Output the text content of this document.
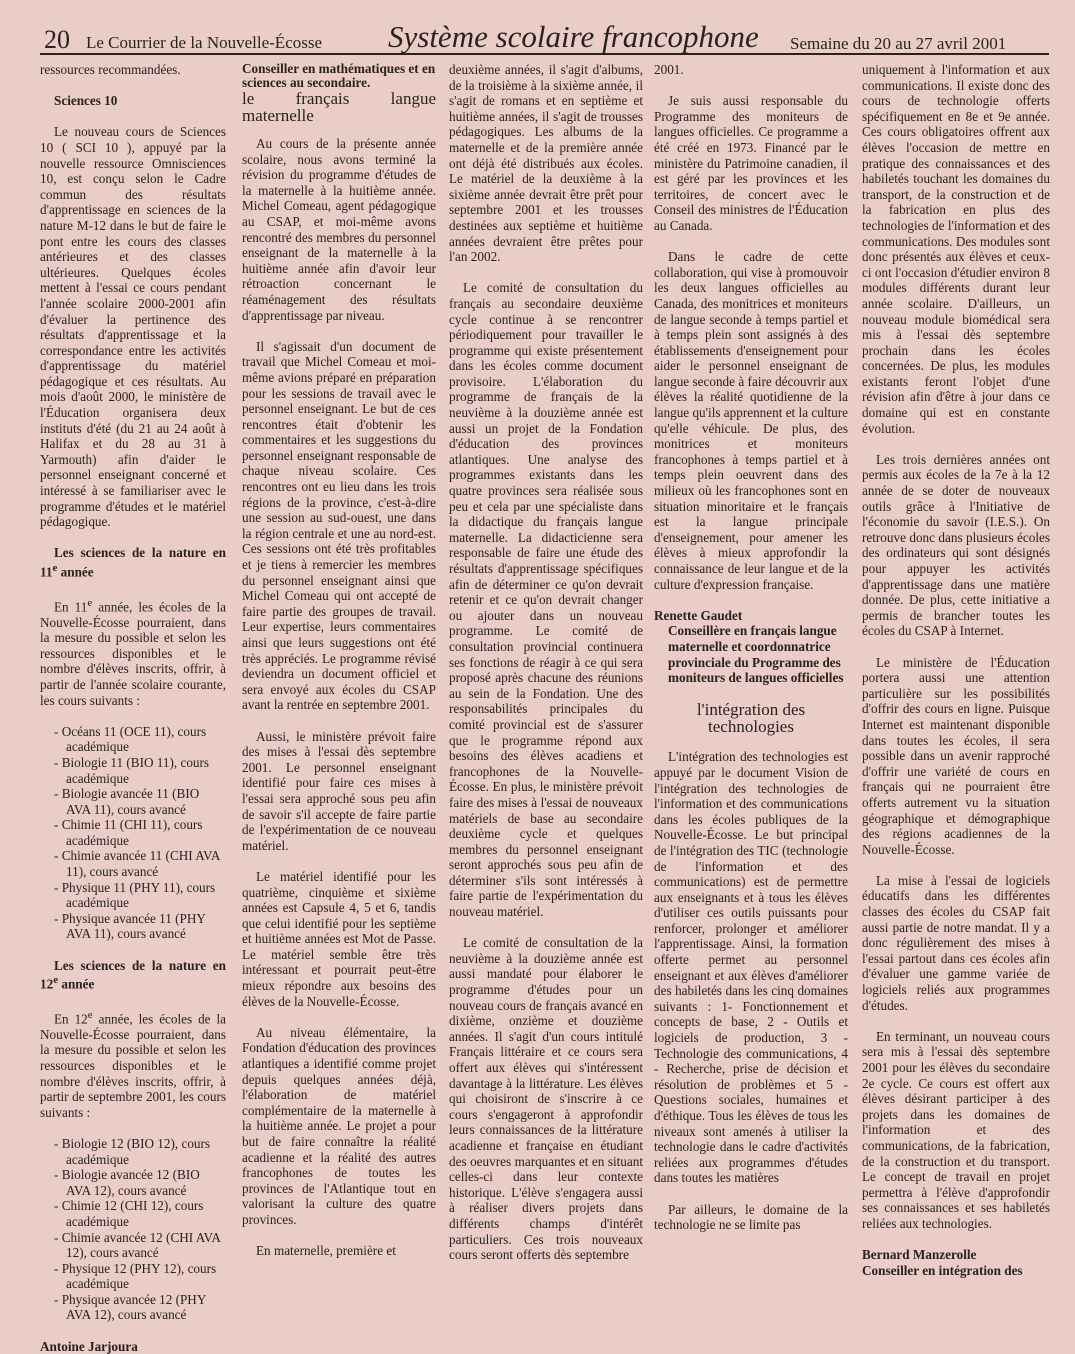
20 Le Courrier de la Nouvelle-Écosse Système scolaire francophone Semaine du 20 au 27 avril 2001

ressources recommandées.

Sciences 10

Le nouveau cours de Sciences 10 ( SCI 10 ), appuyé par la nouvelle ressource Omnisciences 10, est conçu selon le Cadre commun des résultats d'apprentissage en sciences de la nature M-12 dans le but de faire le pont entre les cours des classes antérieures et des classes ultérieures. Quelques écoles mettent à l'essai ce cours pendant l'année scolaire 2000-2001 afin d'évaluer la pertinence des résultats d'apprentissage et la correspondance entre les activités d'apprentissage du matériel pédagogique et ces résultats. Au mois d'août 2000, le ministère de l'Éducation organisera deux instituts d'été (du 21 au 24 août à Halifax et du 28 au 31 à Yarmouth) afin d'aider le personnel enseignant concerné et intéressé à se familiariser avec le programme d'études et le matériel pédagogique.

Les sciences de la nature en 11e année

En 11e année, les écoles de la Nouvelle-Écosse pourraient, dans la mesure du possible et selon les ressources disponibles et le nombre d'élèves inscrits, offrir, à partir de l'année scolaire courante, les cours suivants :

- Océans 11 (OCE 11), cours académique
- Biologie 11 (BIO 11), cours académique
- Biologie avancée 11 (BIO AVA 11), cours avancé
- Chimie 11 (CHI 11), cours académique
- Chimie avancée 11 (CHI AVA 11), cours avancé
- Physique 11 (PHY 11), cours académique
- Physique avancée 11 (PHY AVA 11), cours avancé
Les sciences de la nature en 12e année

En 12e année, les écoles de la Nouvelle-Écosse pourraient, dans la mesure du possible et selon les ressources disponibles et le nombre d'élèves inscrits, offrir, à partir de septembre 2001, les cours suivants :

- Biologie 12 (BIO 12), cours académique
- Biologie avancée 12 (BIO AVA 12), cours avancé
- Chimie 12 (CHI 12), cours académique
- Chimie avancée 12 (CHI AVA 12), cours avancé
- Physique 12 (PHY 12), cours académique
- Physique avancée 12 (PHY AVA 12), cours avancé
Antoine Jarjoura
Conseiller en mathématiques et en sciences au secondaire.
le français langue maternelle

Au cours de la présente année scolaire, nous avons terminé la révision du programme d'études de la maternelle à la huitième année. Michel Comeau, agent pédagogique au CSAP, et moi-même avons rencontré des membres du personnel enseignant de la maternelle à la huitième année afin d'avoir leur rétroaction concernant le réaménagement des résultats d'apprentissage par niveau.

Il s'agissait d'un document de travail que Michel Comeau et moi-même avions préparé en préparation pour les sessions de travail avec le personnel enseignant. Le but de ces rencontres était d'obtenir les commentaires et les suggestions du personnel enseignant responsable de chaque niveau scolaire. Ces rencontres ont eu lieu dans les trois régions de la province, c'est-à-dire une session au sud-ouest, une dans la région centrale et une au nord-est. Ces sessions ont été très profitables et je tiens à remercier les membres du personnel enseignant ainsi que Michel Comeau qui ont accepté de faire partie des groupes de travail. Leur expertise, leurs commentaires ainsi que leurs suggestions ont été très appréciés. Le programme révisé deviendra un document officiel et sera envoyé aux écoles du CSAP avant la rentrée en septembre 2001.

Aussi, le ministère prévoit faire des mises à l'essai dès septembre 2001. Le personnel enseignant identifié pour faire ces mises à l'essai sera approché sous peu afin de savoir s'il accepte de faire partie de l'expérimentation de ce nouveau matériel.

Le matériel identifié pour les quatrième, cinquième et sixième années est Capsule 4, 5 et 6, tandis que celui identifié pour les septième et huitième années est Mot de Passe. Le matériel semble être très intéressant et pourrait peut-être mieux répondre aux besoins des élèves de la Nouvelle-Écosse.

Au niveau élémentaire, la Fondation d'éducation des provinces atlantiques a identifié comme projet depuis quelques années déjà, l'élaboration de matériel complémentaire de la maternelle à la huitième année. Le projet a pour but de faire connaître la réalité acadienne et la réalité des autres francophones de toutes les provinces de l'Atlantique tout en valorisant la culture des quatre provinces.

En maternelle, première et

deuxième années, il s'agit d'albums, de la troisième à la sixième année, il s'agit de romans et en septième et huitième années, il s'agit de trousses pédagogiques. Les albums de la maternelle et de la première année ont déjà été distribués aux écoles. Le matériel de la deuxième à la sixième année devrait être prêt pour septembre 2001 et les trousses destinées aux septième et huitième années devraient être prêtes pour l'an 2002.

Le comité de consultation du français au secondaire deuxième cycle continue à se rencontrer périodiquement pour travailler le programme qui existe présentement dans les écoles comme document provisoire. L'élaboration du programme de français de la neuvième à la douzième année est aussi un projet de la Fondation d'éducation des provinces atlantiques. Une analyse des programmes existants dans les quatre provinces sera réalisée sous peu et cela par une spécialiste dans la didactique du français langue maternelle. La didacticienne sera responsable de faire une étude des résultats d'apprentissage spécifiques afin de déterminer ce qu'on devrait retenir et ce qu'on devrait changer ou ajouter dans un nouveau programme. Le comité de consultation provincial continuera ses fonctions de réagir à ce qui sera proposé après chacune des réunions au sein de la Fondation. Une des responsabilités principales du comité provincial est de s'assurer que le programme répond aux besoins des élèves acadiens et francophones de la Nouvelle-Écosse. En plus, le ministère prévoit faire des mises à l'essai de nouveaux matériels de base au secondaire deuxième cycle et quelques membres du personnel enseignant seront approchés sous peu afin de déterminer s'ils sont intéressés à faire partie de l'expérimentation du nouveau matériel.

Le comité de consultation de la neuvième à la douzième année est aussi mandaté pour élaborer le programme d'études pour un nouveau cours de français avancé en dixième, onzième et douzième années. Il s'agit d'un cours intitulé Français littéraire et ce cours sera offert aux élèves qui s'intéressent davantage à la littérature. Les élèves qui choisiront de s'inscrire à ce cours s'engageront à approfondir leurs connaissances de la littérature acadienne et française en étudiant des oeuvres marquantes et en situant celles-ci dans leur contexte historique. L'élève s'engagera aussi à réaliser divers projets dans différents champs d'intérêt particuliers. Ces trois nouveaux cours seront offerts dès septembre

2001.

Je suis aussi responsable du Programme des moniteurs de langues officielles. Ce programme a été créé en 1973. Financé par le ministère du Patrimoine canadien, il est géré par les provinces et les territoires, de concert avec le Conseil des ministres de l'Éducation au Canada.

Dans le cadre de cette collaboration, qui vise à promouvoir les deux langues officielles au Canada, des monitrices et moniteurs de langue seconde à temps partiel et à temps plein sont assignés à des établissements d'enseignement pour aider le personnel enseignant de langue seconde à faire découvrir aux élèves la réalité quotidienne de la langue qu'ils apprennent et la culture qu'elle véhicule. De plus, des monitrices et moniteurs francophones à temps partiel et à temps plein oeuvrent dans des milieux où les francophones sont en situation minoritaire et le français est la langue principale d'enseignement, pour amener les élèves à mieux approfondir la connaissance de leur langue et de la culture d'expression française.

Renette Gaudet
Conseillère en français langue maternelle et coordonnatrice provinciale du Programme des moniteurs de langues officielles
l'intégration des technologies

L'intégration des technologies est appuyé par le document Vision de l'intégration des technologies de l'information et des communications dans les écoles publiques de la Nouvelle-Écosse. Le but principal de l'intégration des TIC (technologie de l'information et des communications) est de permettre aux enseignants et à tous les élèves d'utiliser ces outils puissants pour renforcer, prolonger et améliorer l'apprentissage. Ainsi, la formation offerte permet au personnel enseignant et aux élèves d'améliorer des habiletés dans les cinq domaines suivants : 1- Fonctionnement et concepts de base, 2 - Outils et logiciels de production, 3 - Technologie des communications, 4 - Recherche, prise de décision et résolution de problèmes et 5 - Questions sociales, humaines et d'éthique. Tous les élèves de tous les niveaux sont amenés à utiliser la technologie dans le cadre d'activités reliées aux programmes d'études dans toutes les matières

Par ailleurs, le domaine de la technologie ne se limite pas

uniquement à l'information et aux communications. Il existe donc des cours de technologie offerts spécifiquement en 8e et 9e année. Ces cours obligatoires offrent aux élèves l'occasion de mettre en pratique des connaissances et des habiletés touchant les domaines du transport, de la construction et de la fabrication en plus des technologies de l'information et des communications. Des modules sont donc présentés aux élèves et ceux-ci ont l'occasion d'étudier environ 8 modules différents durant leur année scolaire. D'ailleurs, un nouveau module biomédical sera mis à l'essai dès septembre prochain dans les écoles concernées. De plus, les modules existants feront l'objet d'une révision afin d'être à jour dans ce domaine qui est en constante évolution.

Les trois dernières années ont permis aux écoles de la 7e à la 12 année de se doter de nouveaux outils grâce à l'Initiative de l'économie du savoir (I.E.S.). On retrouve donc dans plusieurs écoles des ordinateurs qui sont désignés pour appuyer les activités d'apprentissage dans une matière donnée. De plus, cette initiative a permis de brancher toutes les écoles du CSAP à Internet.

Le ministère de l'Éducation portera aussi une attention particulière sur les possibilités d'offrir des cours en ligne. Puisque Internet est maintenant disponible dans toutes les écoles, il sera possible dans un avenir rapproché d'offrir une variété de cours en français qui ne pourraient être offerts autrement vu la situation géographique et démographique des régions acadiennes de la Nouvelle-Écosse.

La mise à l'essai de logiciels éducatifs dans les différentes classes des écoles du CSAP fait aussi partie de notre mandat. Il y a donc régulièrement des mises à l'essai partout dans ces écoles afin d'évaluer une gamme variée de logiciels reliés aux programmes d'études.

En terminant, un nouveau cours sera mis à l'essai dès septembre 2001 pour les élèves du secondaire 2e cycle. Ce cours est offert aux élèves désirant participer à des projets dans les domaines de l'information et des communications, de la fabrication, de la construction et du transport. Le concept de travail en projet permettra à l'élève d'approfondir ses connaissances et ses habiletés reliées aux technologies.

Bernard Manzerolle
Conseiller en intégration des
